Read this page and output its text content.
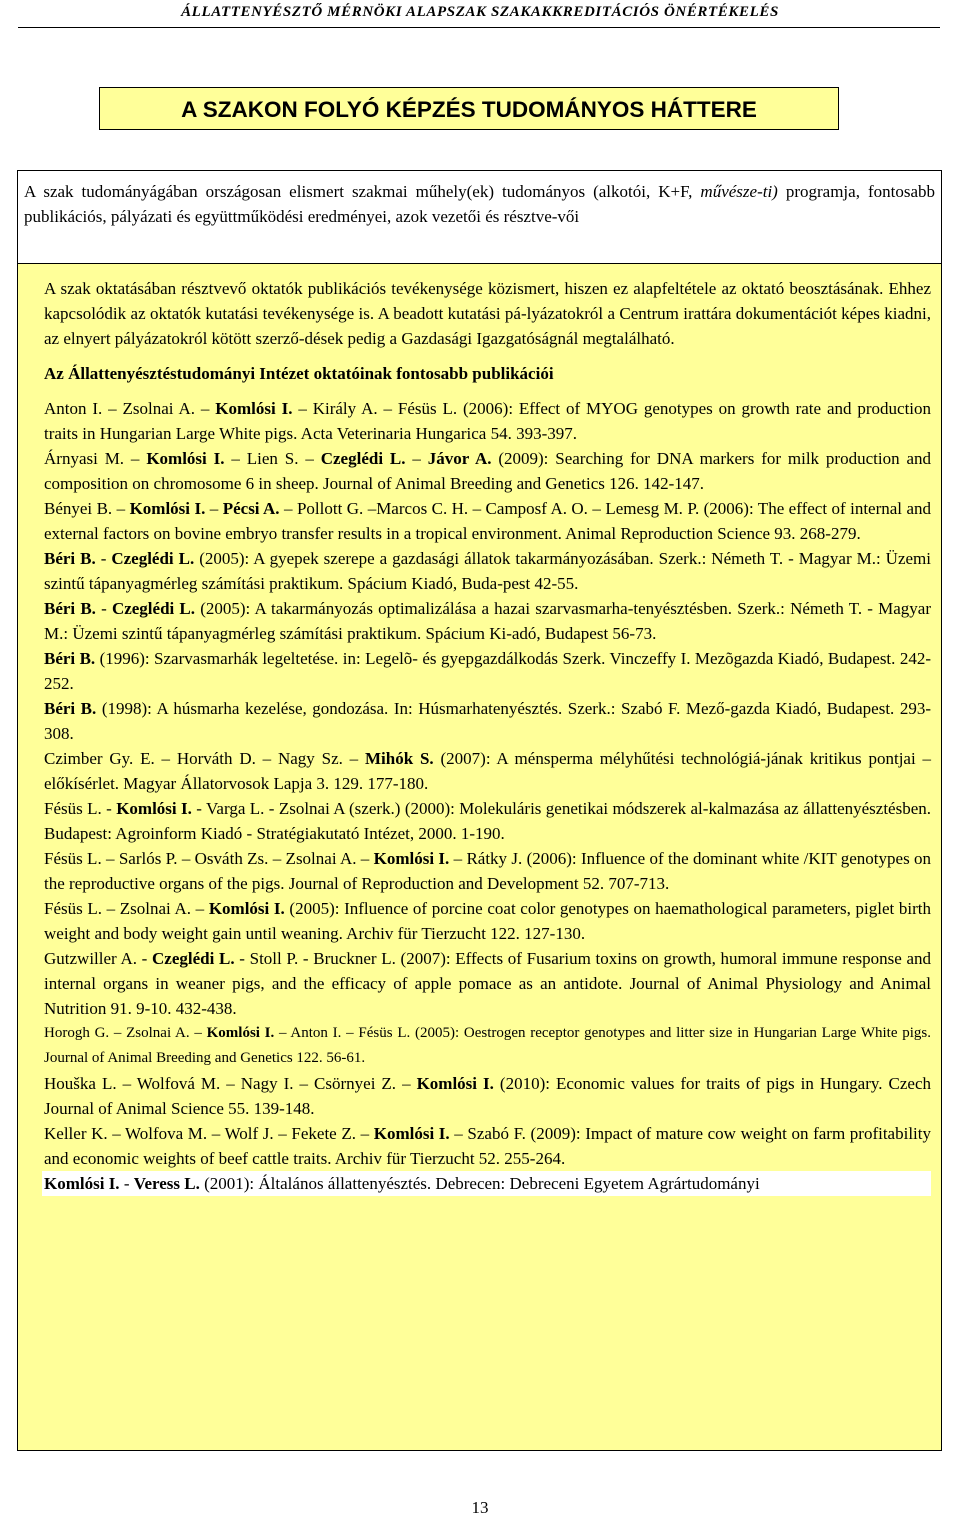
ÁLLATTENYÉSZTŐ MÉRNÖKI ALAPSZAK SZAKAKKREDITÁCIÓS ÖNÉRTÉKELÉS
A SZAKON FOLYÓ KÉPZÉS TUDOMÁNYOS HÁTTERE
A szak tudományágában országosan elismert szakmai műhely(ek) tudományos (alkotói, K+F, művésze-ti) programja, fontosabb publikációs, pályázati és együttműködési eredményei, azok vezetői és résztve-vői

A szak oktatásában résztvevő oktatók publikációs tevékenysége közismert, hiszen ez alapfeltétele az oktató beosztásának. Ehhez kapcsolódik az oktatók kutatási tevékenysége is. A beadott kutatási pá-lyázatokról a Centrum irattára dokumentációt képes kiadni, az elnyert pályázatokról kötött szerző-dések pedig a Gazdasági Igazgatóságnál megtalálható.

Az Állattenyésztéstudományi Intézet oktatóinak fontosabb publikációi

Anton I. – Zsolnai A. – Komlósi I. – Király A. – Fésüs L. (2006): Effect of MYOG genotypes on growth rate and production traits in Hungarian Large White pigs. Acta Veterinaria Hungarica 54. 393-397.

Árnyasi M. – Komlósi I. – Lien S. – Czeglédi L. – Jávor A. (2009): Searching for DNA markers for milk production and composition on chromosome 6 in sheep. Journal of Animal Breeding and Genetics 126. 142-147.

Bényei B. – Komlósi I. – Pécsi A. – Pollott G. –Marcos C. H. – Camposf A. O. – Lemesg M. P. (2006): The effect of internal and external factors on bovine embryo transfer results in a tropical environment. Animal Reproduction Science 93. 268-279.

Béri B. - Czeglédi L. (2005): A gyepek szerepe a gazdasági állatok takarmányozásában. Szerk.: Németh T. - Magyar M.: Üzemi szintű tápanyagmérleg számítási praktikum. Spácium Kiadó, Buda-pest 42-55.

Béri B. - Czeglédi L. (2005): A takarmányozás optimalizálása a hazai szarvasmarha-tenyésztésben. Szerk.: Németh T. - Magyar M.: Üzemi szintű tápanyagmérleg számítási praktikum. Spácium Ki-adó, Budapest 56-73.

Béri B. (1996): Szarvasmarhák legeltetése. in: Legelõ- és gyepgazdálkodás Szerk. Vinczeffy I. Mezõgazda Kiadó, Budapest. 242-252.

Béri B. (1998): A húsmarha kezelése, gondozása. In: Húsmarhatenyésztés. Szerk.: Szabó F. Mező-gazda Kiadó, Budapest. 293-308.

Czimber Gy. E. – Horváth D. – Nagy Sz. – Mihók S. (2007): A ménsperma mélyhűtési technológiá-jának kritikus pontjai – előkísérlet. Magyar Állatorvosok Lapja 3. 129. 177-180.

Fésüs L. - Komlósi I. - Varga L. - Zsolnai A (szerk.) (2000): Molekuláris genetikai módszerek al-kalmazása az állattenyésztésben. Budapest: Agroinform Kiadó - Stratégiakutató Intézet, 2000. 1-190.

Fésüs L. – Sarlós P. – Osváth Zs. – Zsolnai A. – Komlósi I. – Rátky J. (2006): Influence of the dominant white /KIT genotypes on the reproductive organs of the pigs. Journal of Reproduction and Development 52. 707-713.

Fésüs L. – Zsolnai A. – Komlósi I. (2005): Influence of porcine coat color genotypes on haemathological parameters, piglet birth weight and body weight gain until weaning. Archiv für Tierzucht 122. 127-130.

Gutzwiller A. - Czeglédi L. - Stoll P. - Bruckner L. (2007): Effects of Fusarium toxins on growth, humoral immune response and internal organs in weaner pigs, and the efficacy of apple pomace as an antidote. Journal of Animal Physiology and Animal Nutrition 91. 9-10. 432-438.

Horogh G. – Zsolnai A. – Komlósi I. – Anton I. – Fésüs L. (2005): Oestrogen receptor genotypes and litter size in Hungarian Large White pigs. Journal of Animal Breeding and Genetics 122. 56-61.

Houška L. – Wolfová M. – Nagy I. – Csörnyei Z. – Komlósi I. (2010): Economic values for traits of pigs in Hungary. Czech Journal of Animal Science 55. 139-148.

Keller K. – Wolfova M. – Wolf J. – Fekete Z. – Komlósi I. – Szabó F. (2009): Impact of mature cow weight on farm profitability and economic weights of beef cattle traits. Archiv für Tierzucht 52. 255-264.

Komlósi I. - Veress L. (2001): Általános állattenyésztés. Debrecen: Debreceni Egyetem Agrártudományi

13
